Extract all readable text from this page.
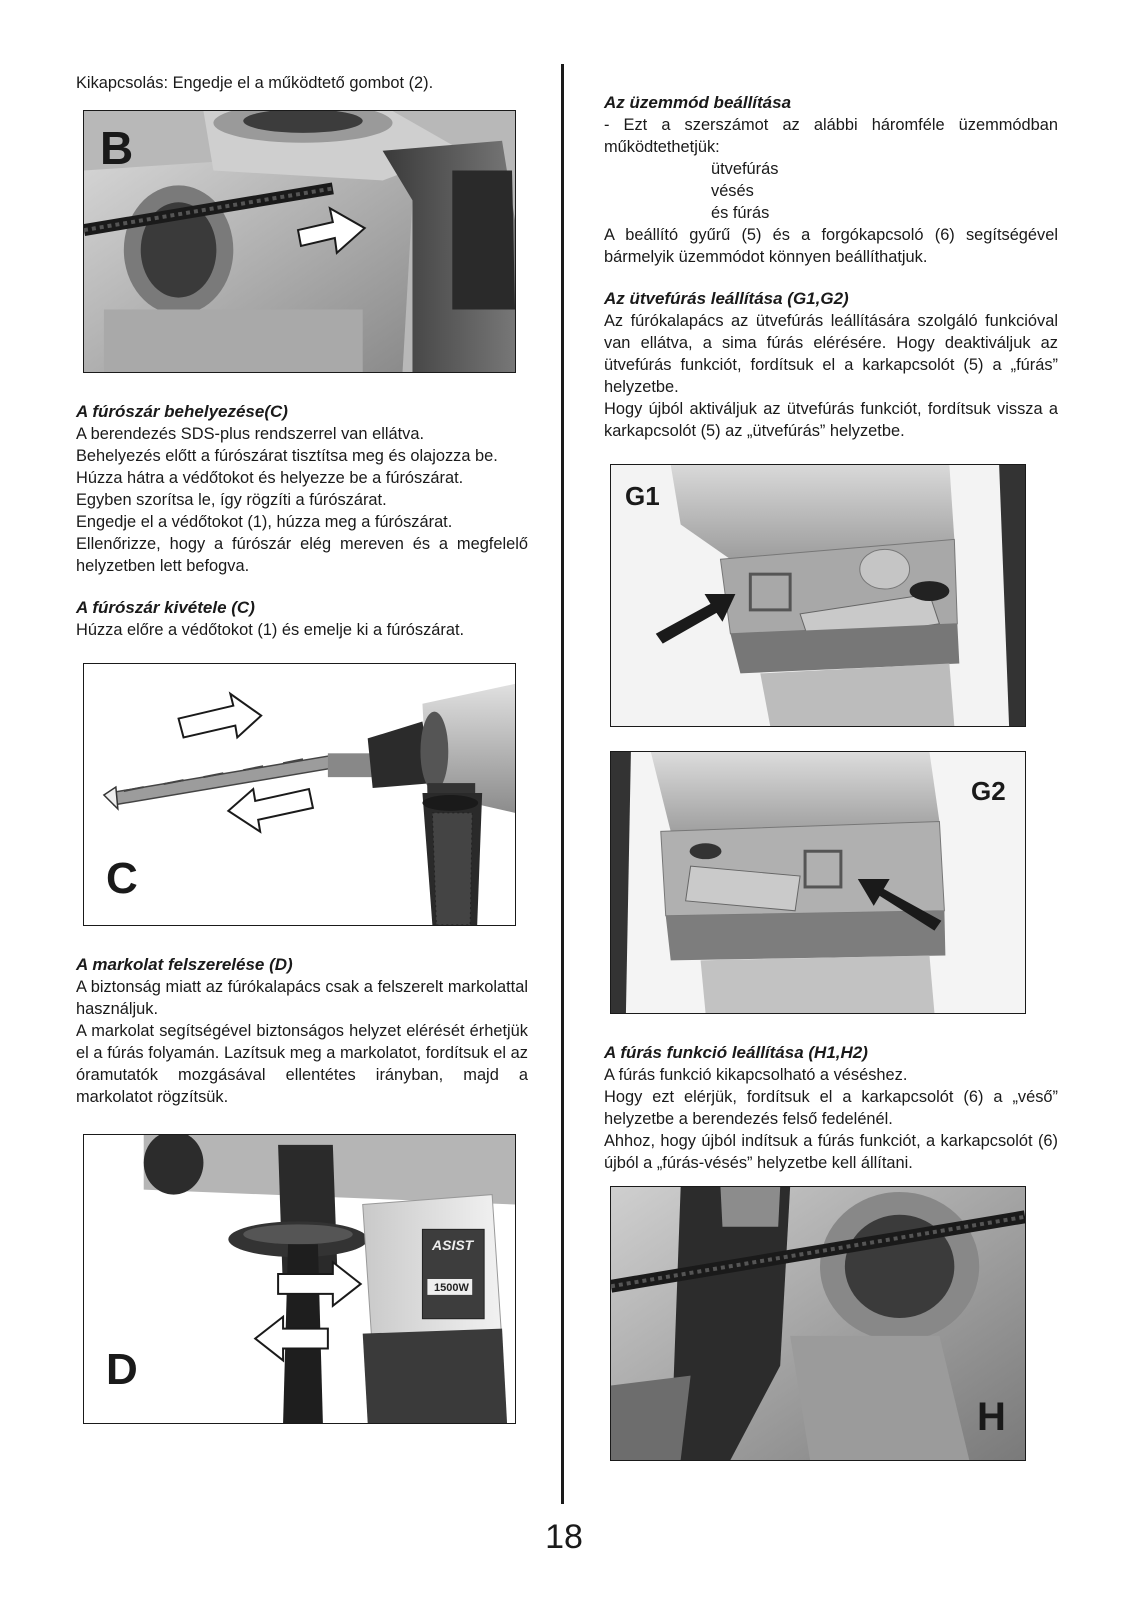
Kikapcsolás: Engedje el a működtető gombot (2).

B
A fúrószár behelyezése(C)

A berendezés SDS-plus rendszerrel van ellátva.

Behelyezés előtt a fúrószárat tisztítsa meg és olajozza be.

Húzza hátra a védőtokot és helyezze be a fúrószárat.

Egyben szorítsa le, így rögzíti a fúrószárat.

Engedje el a védőtokot (1), húzza meg a fúrószárat.

Ellenőrizze, hogy a fúrószár elég mereven és a megfelelő helyzetben lett befogva.

A fúrószár kivétele (C)

Húzza előre a védőtokot (1) és emelje ki a fúrószárat.

C
A markolat felszerelése (D)

A biztonság miatt az fúrókalapács csak a felszerelt markolattal használjuk.

A markolat segítségével biztonságos helyzet elérését érhetjük el a fúrás folyamán. Lazítsuk meg a markolatot, fordítsuk el az óramutatók mozgásával ellentétes irányban, majd a markolatot rögzítsük.

ASIST
1500W
D
Az üzemmód beállítása

- Ezt a szerszámot az alábbi háromféle üzemmódban működtethetjük:

ütvefúrás

vésés

és fúrás

A beállító gyűrű (5) és a forgókapcsoló (6) segítségével bármelyik üzemmódot könnyen beállíthatjuk.

Az ütvefúrás leállítása (G1,G2)

Az fúrókalapács az ütvefúrás leállítására szolgáló funkcióval van ellátva, a sima fúrás elérésére. Hogy deaktiváljuk az ütvefúrás funkciót, fordítsuk el a karkapcsolót (5) a „fúrás” helyzetbe.

Hogy újból aktiváljuk az ütvefúrás funkciót, fordítsuk vissza a karkapcsolót (5) az „ütvefúrás” helyzetbe.

G1
G2
A fúrás funkció leállítása (H1,H2)

A fúrás funkció kikapcsolható a véséshez.

Hogy ezt elérjük, fordítsuk el a karkapcsolót (6) a „véső” helyzetbe a berendezés felső fedelénél.

Ahhoz, hogy újból indítsuk a fúrás funkciót, a karkapcsolót (6) újból a „fúrás-vésés” helyzetbe kell állítani.

H
18
